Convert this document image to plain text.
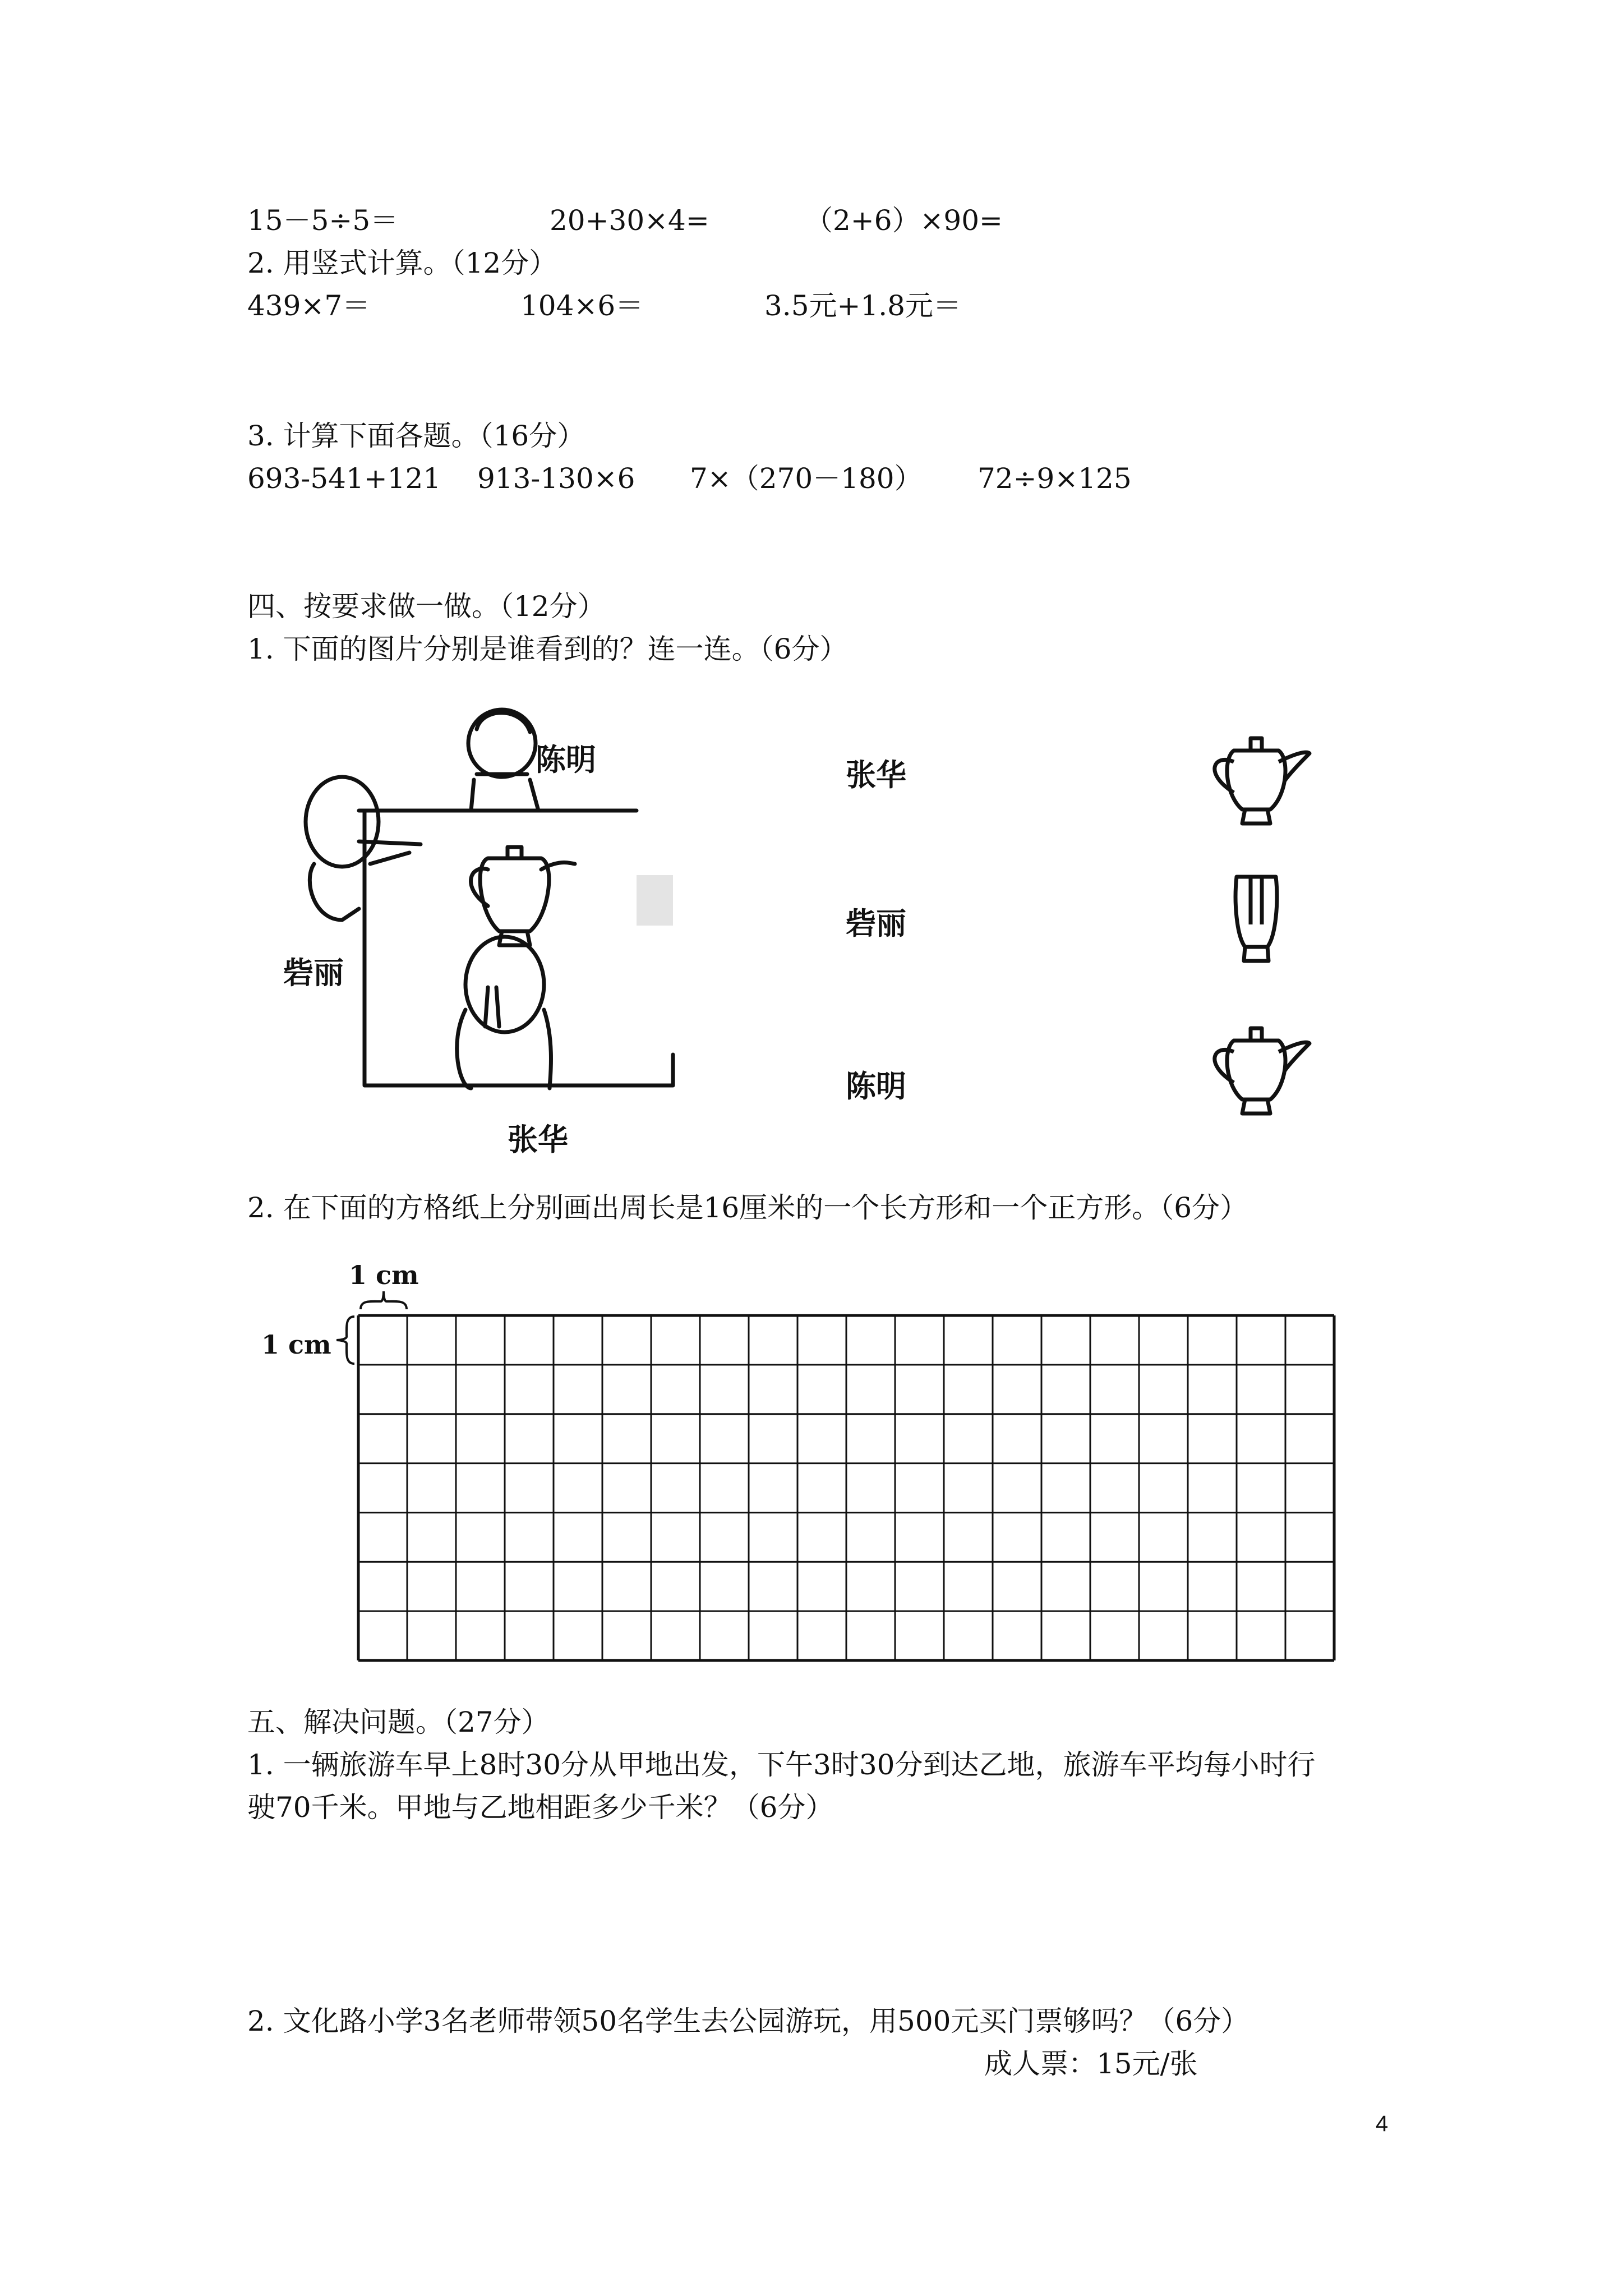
15－5÷5＝	20+30×4=	（2+6）×90=
2. 用竖式计算。（12分）
439×7＝	104×6＝	3.5元+1.8元＝
3. 计算下面各题。（16分）
693-541+121 913-130×6 7×（270－180） 72÷9×125
四、按要求做一做。（12分）
1. 下面的图片分别是谁看到的？连一连。（6分）
陈明
砦丽
张华
张华
砦丽
陈明
2. 在下面的方格纸上分别画出周长是16厘米的一个长方形和一个正方形。（6分）
1 cm
1 cm
五、解决问题。（27分）
1. 一辆旅游车早上8时30分从甲地出发，下午3时30分到达乙地，旅游车平均每小时行
驶70千米。甲地与乙地相距多少千米？（6分）
2. 文化路小学3名老师带领50名学生去公园游玩，用500元买门票够吗？（6分）
成人票：15元/张
4
